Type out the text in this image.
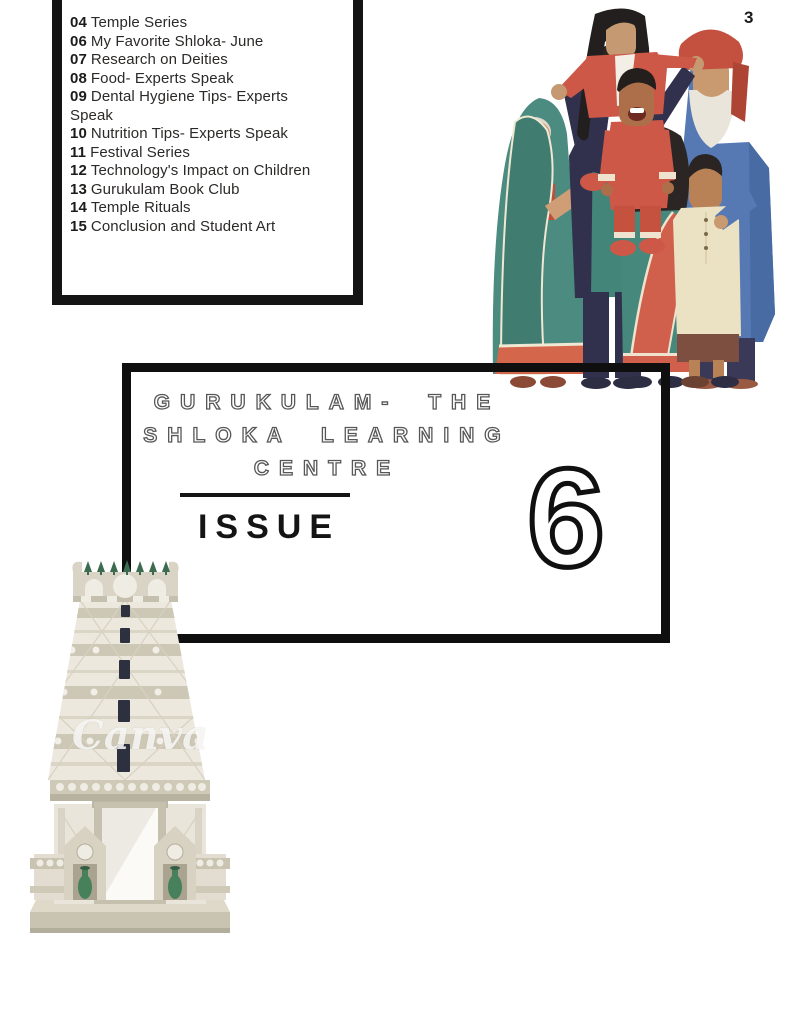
3
04 Temple Series
06 My Favorite Shloka- June
07 Research on Deities
08 Food- Experts Speak
09 Dental Hygiene Tips- Experts Speak
10 Nutrition Tips- Experts Speak
11 Festival Series
12 Technology's Impact on Children
13 Gurukulam Book Club
14 Temple Rituals
15 Conclusion and Student Art
GURUKULAM- THE
SHLOKA LEARNING
CENTRE
ISSUE 6
Canva
